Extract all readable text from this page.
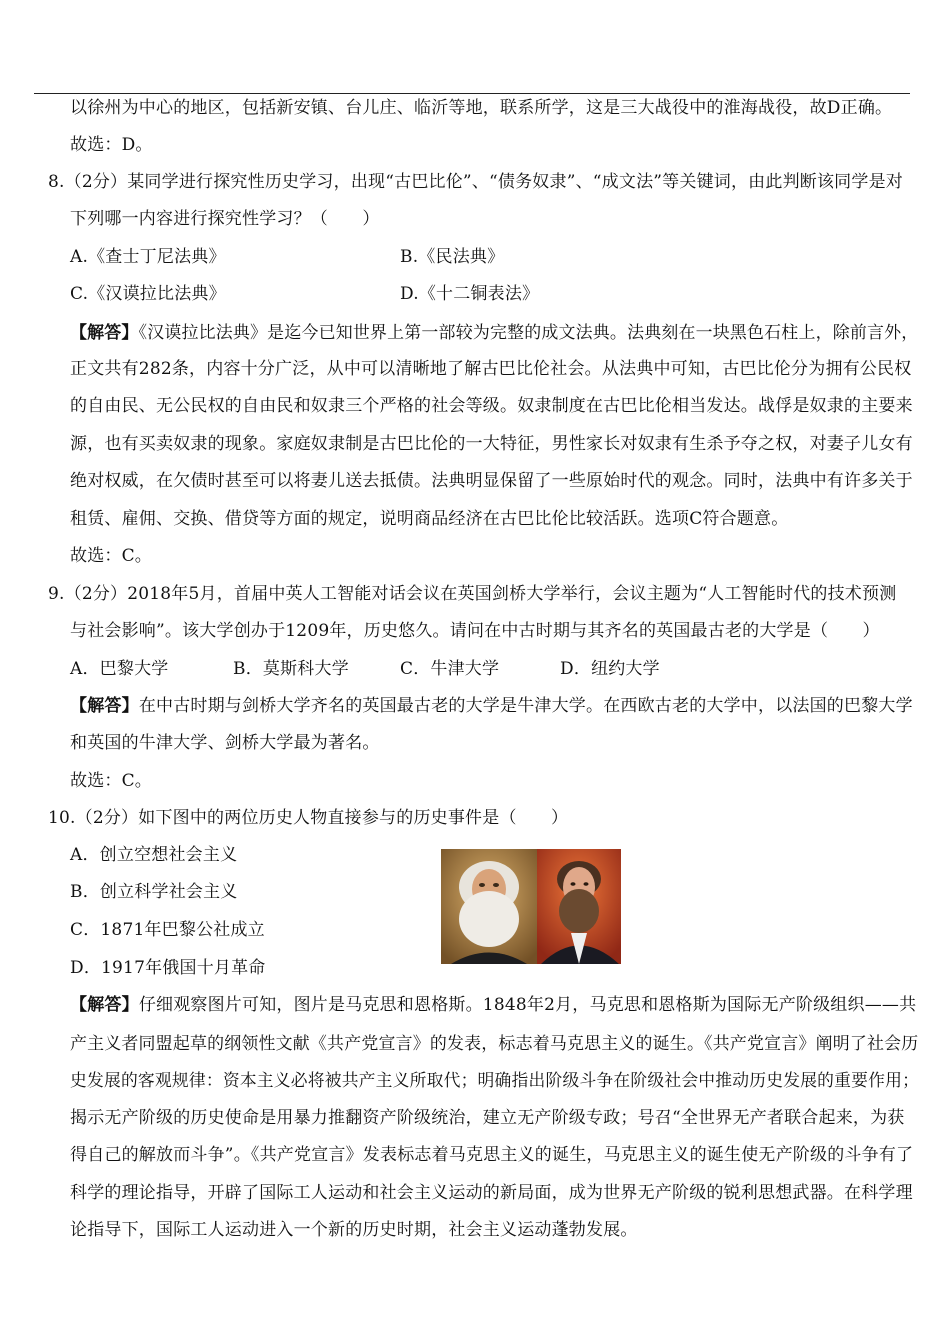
以徐州为中心的地区，包括新安镇、台儿庄、临沂等地，联系所学，这是三大战役中的淮海战役，故D正确。
故选：D。
8.（2分）某同学进行探究性历史学习，出现“古巴比伦”、“债务奴隶”、“成文法”等关键词，由此判断该同学是对
下列哪一内容进行探究性学习？（　　）
A.《查士丁尼法典》	B.《民法典》
C.《汉谟拉比法典》	D.《十二铜表法》
【解答】《汉谟拉比法典》是迄今已知世界上第一部较为完整的成文法典。法典刻在一块黑色石柱上，除前言外，
正文共有282条，内容十分广泛，从中可以清晰地了解古巴比伦社会。从法典中可知，古巴比伦分为拥有公民权
的自由民、无公民权的自由民和奴隶三个严格的社会等级。奴隶制度在古巴比伦相当发达。战俘是奴隶的主要来
源，也有买卖奴隶的现象。家庭奴隶制是古巴比伦的一大特征，男性家长对奴隶有生杀予夺之权，对妻子儿女有
绝对权威，在欠债时甚至可以将妻儿送去抵债。法典明显保留了一些原始时代的观念。同时，法典中有许多关于
租赁、雇佣、交换、借贷等方面的规定，说明商品经济在古巴比伦比较活跃。选项C符合题意。
故选：C。
9.（2分）2018年5月，首届中英人工智能对话会议在英国剑桥大学举行，会议主题为“人工智能时代的技术预测
与社会影响”。该大学创办于1209年，历史悠久。请问在中古时期与其齐名的英国最古老的大学是（　　）
A．巴黎大学	B．莫斯科大学	C．牛津大学	D．纽约大学
【解答】在中古时期与剑桥大学齐名的英国最古老的大学是牛津大学。在西欧古老的大学中，以法国的巴黎大学
和英国的牛津大学、剑桥大学最为著名。
故选：C。
10.（2分）如下图中的两位历史人物直接参与的历史事件是（　　）
A．创立空想社会主义
B．创立科学社会主义
C．1871年巴黎公社成立
D．1917年俄国十月革命
【解答】仔细观察图片可知，图片是马克思和恩格斯。1848年2月，马克思和恩格斯为国际无产阶级组织——共
产主义者同盟起草的纲领性文献《共产党宣言》的发表，标志着马克思主义的诞生。《共产党宣言》阐明了社会历
史发展的客观规律：资本主义必将被共产主义所取代；明确指出阶级斗争在阶级社会中推动历史发展的重要作用；
揭示无产阶级的历史使命是用暴力推翻资产阶级统治，建立无产阶级专政；号召“全世界无产者联合起来，为获
得自己的解放而斗争”。《共产党宣言》发表标志着马克思主义的诞生，马克思主义的诞生使无产阶级的斗争有了
科学的理论指导，开辟了国际工人运动和社会主义运动的新局面，成为世界无产阶级的锐利思想武器。在科学理
论指导下，国际工人运动进入一个新的历史时期，社会主义运动蓬勃发展。
